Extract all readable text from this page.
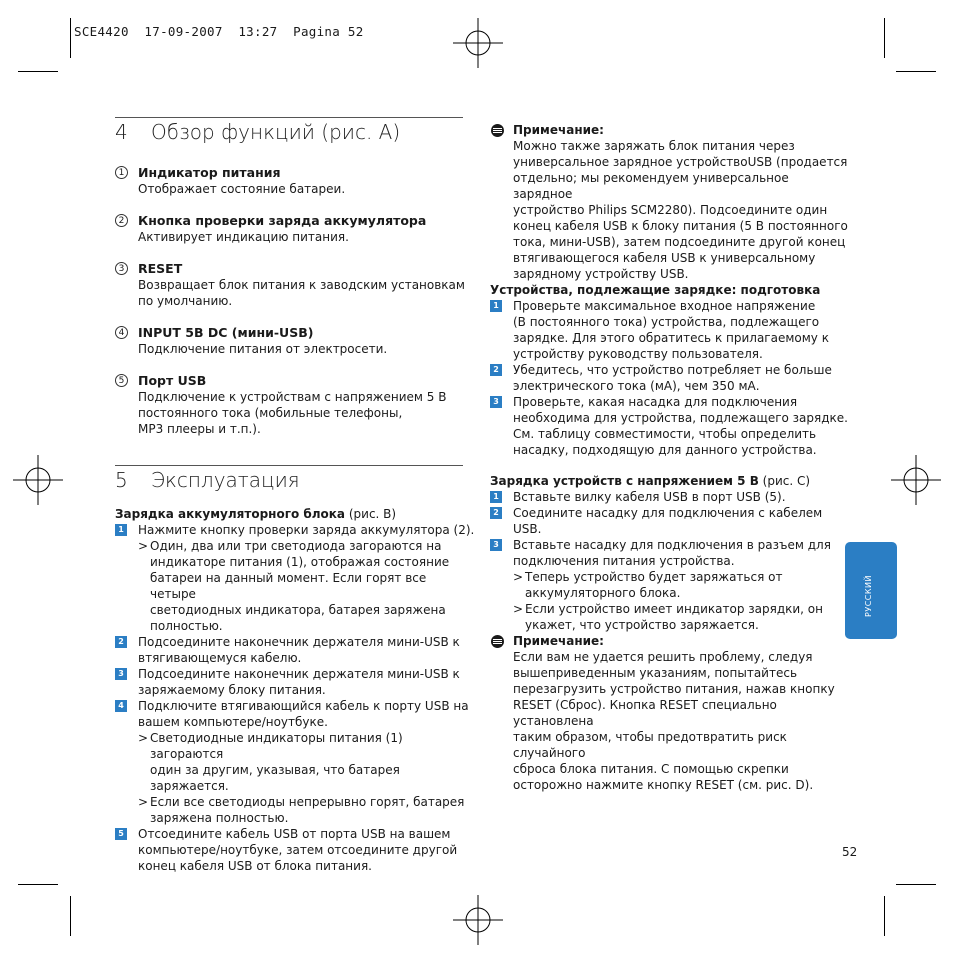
SCE4420  17-09-2007  13:27  Pagina 52
4 Обзор функций (рис. A)
1 Индикатор питания
Отображает состояние батареи.
2 Кнопка проверки заряда аккумулятора
Активирует индикацию питания.
3 RESET
Возвращает блок питания к заводским установкам
по умолчанию.
4 INPUT 5В DC (мини-USB)
Подключение питания от электросети.
5 Порт USB
Подключение к устройствам с напряжением 5 В
постоянного тока (мобильные телефоны,
MP3 плееры и т.п.).
5 Эксплуатация
Зарядка аккумуляторного блока (рис. B)
1 Нажмите кнопку проверки заряда аккумулятора (2).
> Один, два или три светодиода загораются на
индикаторе питания (1), отображая состояние
батареи на данный момент. Если горят все четыре
светодиодных индикатора, батарея заряжена
полностью.
2 Подсоедините наконечник держателя мини-USB к
втягивающемуся кабелю.
3 Подсоедините наконечник держателя мини-USB к
заряжаемому блоку питания.
4 Подключите втягивающийся кабель к порту USB на
вашем компьютере/ноутбуке.
> Светодиодные индикаторы питания (1) загораются
один за другим, указывая, что батарея заряжается.
> Если все светодиоды непрерывно горят, батарея
заряжена полностью.
5 Отсоедините кабель USB от порта USB на вашем
компьютере/ноутбуке, затем отсоедините другой
конец кабеля USB от блока питания.
Примечание:
Можно также заряжать блок питания через
универсальное зарядное устройствоUSB (продается
отдельно; мы рекомендуем универсальное зарядное
устройство Philips SCM2280). Подсоедините один
конец кабеля USB к блоку питания (5 В постоянного
тока, мини-USB), затем подсоедините другой конец
втягивающегося кабеля USB к универсальному
зарядному устройству USB.
Устройства, подлежащие зарядке: подготовка
1 Проверьте максимальное входное напряжение
(В постоянного тока) устройства, подлежащего
зарядке. Для этого обратитесь к прилагаемому к
устройству руководству пользователя.
2 Убедитесь, что устройство потребляет не больше
электрического тока (мА), чем 350 мА.
3 Проверьте, какая насадка для подключения
необходима для устройства, подлежащего зарядке.
См. таблицу совместимости, чтобы определить
насадку, подходящую для данного устройства.
Зарядка устройств с напряжением 5 В (рис. C)
1 Вставьте вилку кабеля USB в порт USB (5).
2 Соедините насадку для подключения с кабелем USB.
3 Вставьте насадку для подключения в разъем для
подключения питания устройства.
> Теперь устройство будет заряжаться от
аккумуляторного блока.
> Если устройство имеет индикатор зарядки, он
укажет, что устройство заряжается.
Примечание:
Если вам не удается решить проблему, следуя
вышеприведенным указаниям, попытайтесь
перезагрузить устройство питания, нажав кнопку
RESET (Сброс). Кнопка RESET специально установлена
таким образом, чтобы предотвратить риск случайного
сброса блока питания. С помощью скрепки
осторожно нажмите кнопку RESET (см. рис. D).
РУССКИЙ
52
